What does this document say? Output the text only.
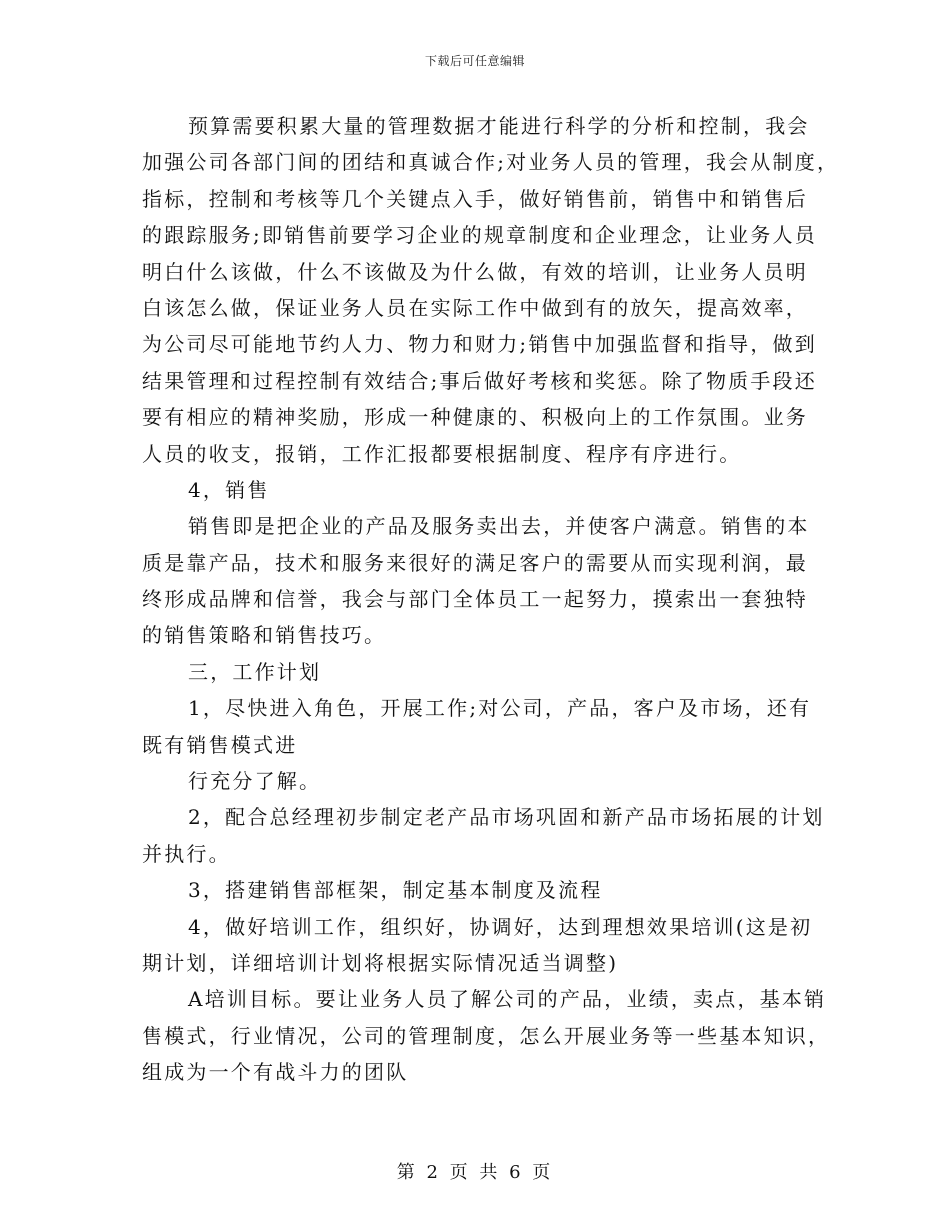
下载后可任意编辑
预算需要积累大量的管理数据才能进行科学的分析和控制，我会
加强公司各部门间的团结和真诚合作;对业务人员的管理，我会从制度，
指标，控制和考核等几个关键点入手，做好销售前，销售中和销售后
的跟踪服务;即销售前要学习企业的规章制度和企业理念，让业务人员
明白什么该做，什么不该做及为什么做，有效的培训，让业务人员明
白该怎么做，保证业务人员在实际工作中做到有的放矢，提高效率，
为公司尽可能地节约人力、物力和财力;销售中加强监督和指导，做到
结果管理和过程控制有效结合;事后做好考核和奖惩。除了物质手段还
要有相应的精神奖励，形成一种健康的、积极向上的工作氛围。业务
人员的收支，报销，工作汇报都要根据制度、程序有序进行。
4，销售
销售即是把企业的产品及服务卖出去，并使客户满意。销售的本
质是靠产品，技术和服务来很好的满足客户的需要从而实现利润，最
终形成品牌和信誉，我会与部门全体员工一起努力，摸索出一套独特
的销售策略和销售技巧。
三，工作计划
1，尽快进入角色，开展工作;对公司，产品，客户及市场，还有
既有销售模式进
行充分了解。
2，配合总经理初步制定老产品市场巩固和新产品市场拓展的计划
并执行。
3，搭建销售部框架，制定基本制度及流程
4，做好培训工作，组织好，协调好，达到理想效果培训(这是初
期计划，详细培训计划将根据实际情况适当调整)
A培训目标。要让业务人员了解公司的产品，业绩，卖点，基本销
售模式，行业情况，公司的管理制度，怎么开展业务等一些基本知识，
组成为一个有战斗力的团队
第 2 页 共 6 页
